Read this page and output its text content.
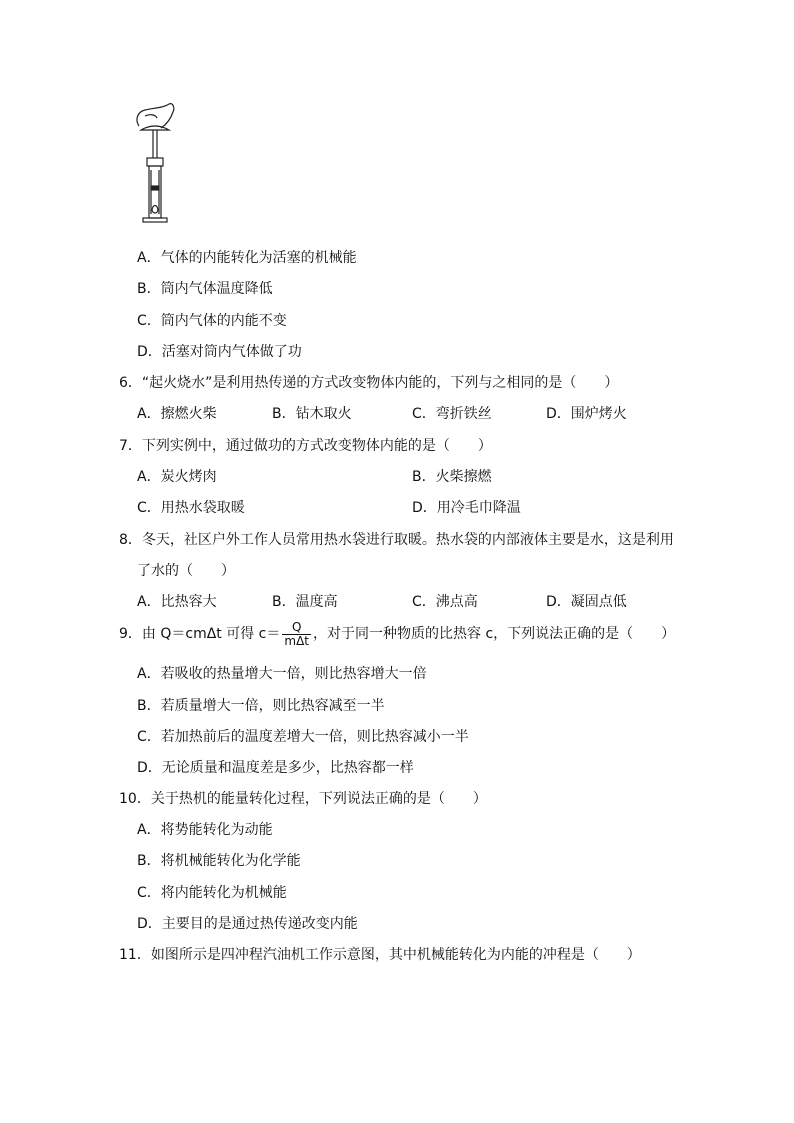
A．气体的内能转化为活塞的机械能
B．筒内气体温度降低
C．筒内气体的内能不变
D．活塞对筒内气体做了功
6．“起火烧水”是利用热传递的方式改变物体内能的，下列与之相同的是（　　）
A．擦燃火柴	B．钻木取火	C．弯折铁丝	D．围炉烤火
7．下列实例中，通过做功的方式改变物体内能的是（　　）
A．炭火烤肉	B．火柴擦燃
C．用热水袋取暖	D．用冷毛巾降温
8．冬天，社区户外工作人员常用热水袋进行取暖。热水袋的内部液体主要是水，这是利用
了水的（　　）
A．比热容大	B．温度高	C．沸点高	D．凝固点低
9．由 Q＝cmΔt 可得 $c= \frac{Q}{\text{mΔt}}$ ，对于同一种物质的比热容 c，下列说法正确的是（　　）
A．若吸收的热量增大一倍，则比热容增大一倍
B．若质量增大一倍，则比热容减至一半
C．若加热前后的温度差增大一倍，则比热容减小一半
D．无论质量和温度差是多少，比热容都一样
10．关于热机的能量转化过程，下列说法正确的是（　　）
A．将势能转化为动能
B．将机械能转化为化学能
C．将内能转化为机械能
D．主要目的是通过热传递改变内能
11．如图所示是四冲程汽油机工作示意图，其中机械能转化为内能的冲程是（　　）
